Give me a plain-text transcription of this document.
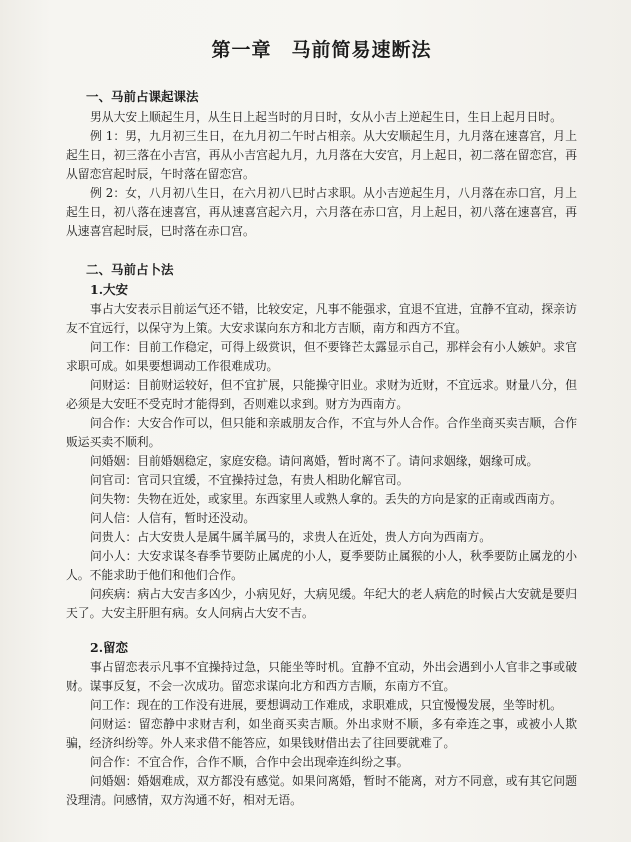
第一章　马前简易速断法
一、马前占课起课法

男从大安上顺起生月，从生日上起当时的月日时，女从小吉上逆起生日，生日上起月日时。

例 1：男，九月初三生日，在九月初二午时占相亲。从大安顺起生月，九月落在速喜宫，月上起生日，初三落在小吉宫，再从小吉宫起九月，九月落在大安宫，月上起日，初二落在留恋宫，再从留恋宫起时辰，午时落在留恋宫。

例 2：女，八月初八生日，在六月初八巳时占求职。从小吉逆起生月，八月落在赤口宫，月上起生日，初八落在速喜宫，再从速喜宫起六月，六月落在赤口宫，月上起日，初八落在速喜宫，再从速喜宫起时辰，巳时落在赤口宫。

二、马前占卜法
1.大安

事占大安表示目前运气还不错，比较安定，凡事不能强求，宜退不宜进，宜静不宜动，探亲访友不宜远行，以保守为上策。大安求谋向东方和北方吉顺，南方和西方不宜。

问工作：目前工作稳定，可得上级赏识，但不要锋芒太露显示自己，那样会有小人嫉妒。求官求职可成。如果要想调动工作很难成功。

问财运：目前财运较好，但不宜扩展，只能操守旧业。求财为近财，不宜远求。财量八分，但必须是大安旺不受克时才能得到，否则难以求到。财方为西南方。

问合作：大安合作可以，但只能和亲戚朋友合作，不宜与外人合作。合作坐商买卖吉顺，合作贩运买卖不顺利。

问婚姻：目前婚姻稳定，家庭安稳。请问离婚，暂时离不了。请问求姻缘，姻缘可成。

问官司：官司只宜缓，不宜操持过急，有贵人相助化解官司。

问失物：失物在近处，或家里。东西家里人或熟人拿的。丢失的方向是家的正南或西南方。

问人信：人信有，暂时还没动。

问贵人：占大安贵人是属牛属羊属马的，求贵人在近处，贵人方向为西南方。

问小人：大安求谋冬春季节要防止属虎的小人，夏季要防止属猴的小人，秋季要防止属龙的小人。不能求助于他们和他们合作。

问疾病：病占大安吉多凶少，小病见好，大病见缓。年纪大的老人病危的时候占大安就是要归天了。大安主肝胆有病。女人问病占大安不吉。

2.留恋

事占留恋表示凡事不宜操持过急，只能坐等时机。宜静不宜动，外出会遇到小人官非之事或破财。谋事反复，不会一次成功。留恋求谋向北方和西方吉顺，东南方不宜。

问工作：现在的工作没有进展，要想调动工作难成，求职难成，只宜慢慢发展，坐等时机。

问财运：留恋静中求财吉利，如坐商买卖吉顺。外出求财不顺，多有牵连之事，或被小人欺骗，经济纠纷等。外人来求借不能答应，如果钱财借出去了往回要就难了。

问合作：不宜合作，合作不顺，合作中会出现牵连纠纷之事。

问婚姻：婚姻难成，双方都没有感觉。如果问离婚，暂时不能离，对方不同意，或有其它问题没理清。问感情，双方沟通不好，相对无语。
